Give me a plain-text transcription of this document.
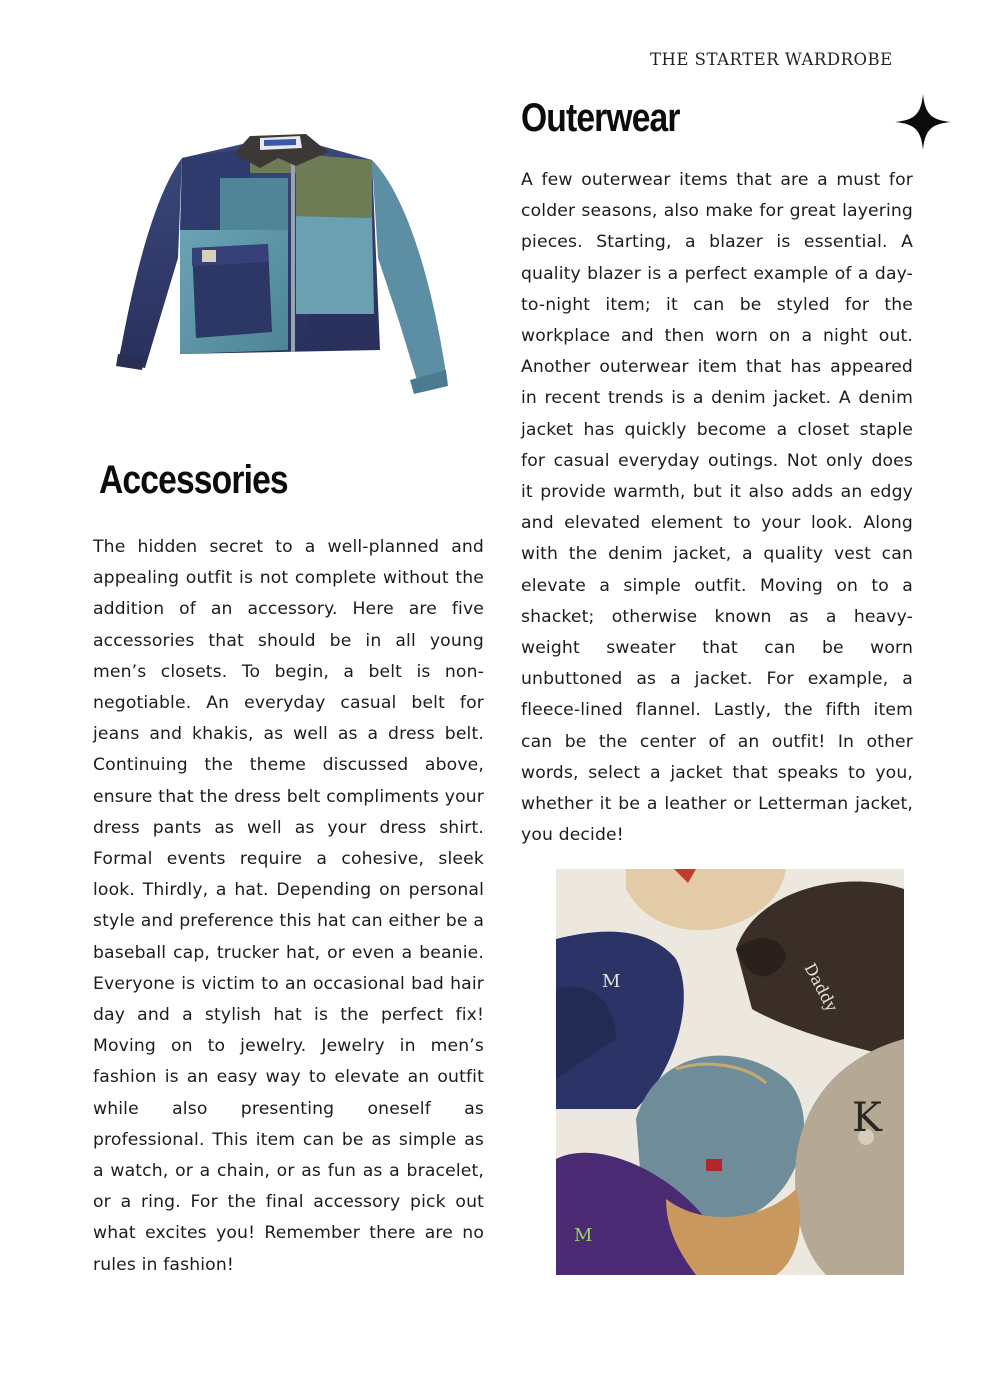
THE STARTER WARDROBE
Outerwear

A few outerwear items that are a must for colder seasons, also make for great layering pieces. Starting, a blazer is essential. A quality blazer is a perfect example of a day-to-night item; it can be styled for the workplace and then worn on a night out. Another outerwear item that has appeared in recent trends is a denim jacket. A denim jacket has quickly become a closet staple for casual everyday outings. Not only does it provide warmth, but it also adds an edgy and elevated element to your look. Along with the denim jacket, a quality vest can elevate a simple outfit. Moving on to a shacket; otherwise known as a heavy-weight sweater that can be worn unbuttoned as a jacket. For example, a fleece-lined flannel. Lastly, the fifth item can be the center of an outfit! In other words, select a jacket that speaks to you, whether it be a leather or Letterman jacket, you decide!

Accessories

The hidden secret to a well-planned and appealing outfit is not complete without the addition of an accessory. Here are five accessories that should be in all young men’s closets. To begin, a belt is non-negotiable. An everyday casual belt for jeans and khakis, as well as a dress belt. Continuing the theme discussed above, ensure that the dress belt compliments your dress pants as well as your dress shirt. Formal events require a cohesive, sleek look. Thirdly, a hat. Depending on personal style and preference this hat can either be a baseball cap, trucker hat, or even a beanie. Everyone is victim to an occasional bad hair day and a stylish hat is the perfect fix! Moving on to jewelry. Jewelry in men’s fashion is an easy way to elevate an outfit while also presenting oneself as professional. This item can be as simple as a watch, or a chain, or as fun as a bracelet, or a ring. For the final accessory pick out what excites you! Remember there are no rules in fashion!

K
Daddy
M
M
